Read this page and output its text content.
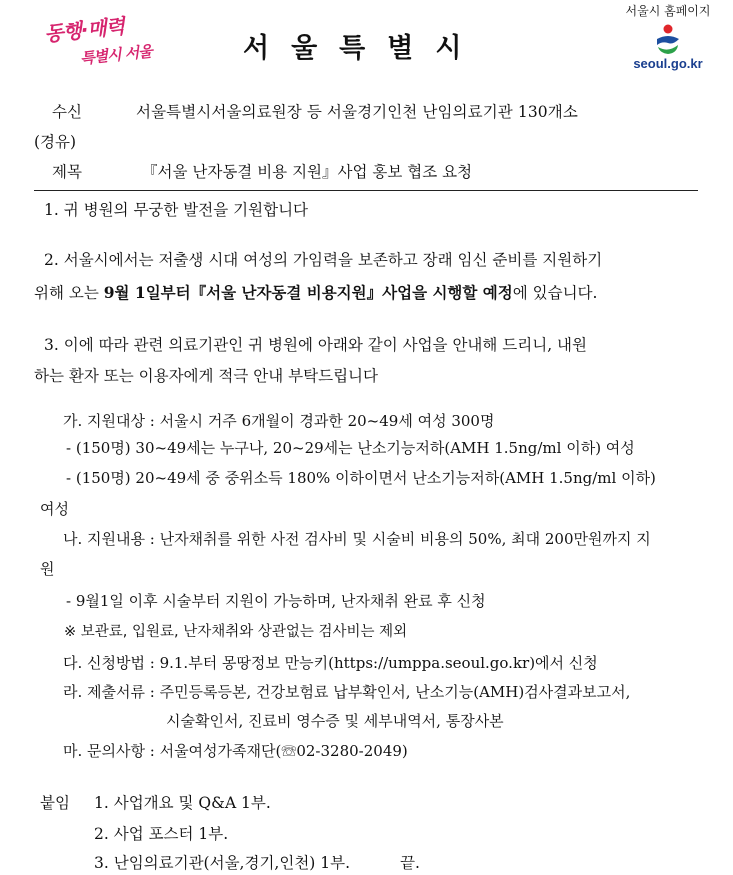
동행·매력
특별시 서울	서울특별시
서울시 홈페이지
seoul.go.kr
수신	서울특별시서울의료원장 등 서울경기인천 난임의료기관 130개소
(경유)
제목	『서울 난자동결 비용 지원』사업 홍보 협조 요청
1. 귀 병원의 무궁한 발전을 기원합니다
2. 서울시에서는 저출생 시대 여성의 가임력을 보존하고 장래 임신 준비를 지원하기
위해 오는 9월 1일부터『서울 난자동결 비용지원』사업을 시행할 예정에 있습니다.
3. 이에 따라 관련 의료기관인 귀 병원에 아래와 같이 사업을 안내해 드리니, 내원
하는 환자 또는 이용자에게 적극 안내 부탁드립니다
가. 지원대상 : 서울시 거주 6개월이 경과한 20~49세 여성 300명
- (150명) 30~49세는 누구나, 20~29세는 난소기능저하(AMH 1.5ng/ml 이하) 여성
- (150명) 20~49세 중 중위소득 180% 이하이면서 난소기능저하(AMH 1.5ng/ml 이하)
여성
나. 지원내용 : 난자채취를 위한 사전 검사비 및 시술비 비용의 50%, 최대 200만원까지 지
원
- 9월1일 이후 시술부터 지원이 가능하며, 난자채취 완료 후 신청
※ 보관료, 입원료, 난자채취와 상관없는 검사비는 제외
다. 신청방법 : 9.1.부터 몽땅정보 만능키(https://umppa.seoul.go.kr)에서 신청
라. 제출서류 : 주민등록등본, 건강보험료 납부확인서, 난소기능(AMH)검사결과보고서,
시술확인서, 진료비 영수증 및 세부내역서, 통장사본
마. 문의사항 : 서울여성가족재단(☏02-3280-2049)
붙임 1. 사업개요 및 Q&A 1부.
2. 사업 포스터 1부.
3. 난임의료기관(서울,경기,인천) 1부.	끝.
